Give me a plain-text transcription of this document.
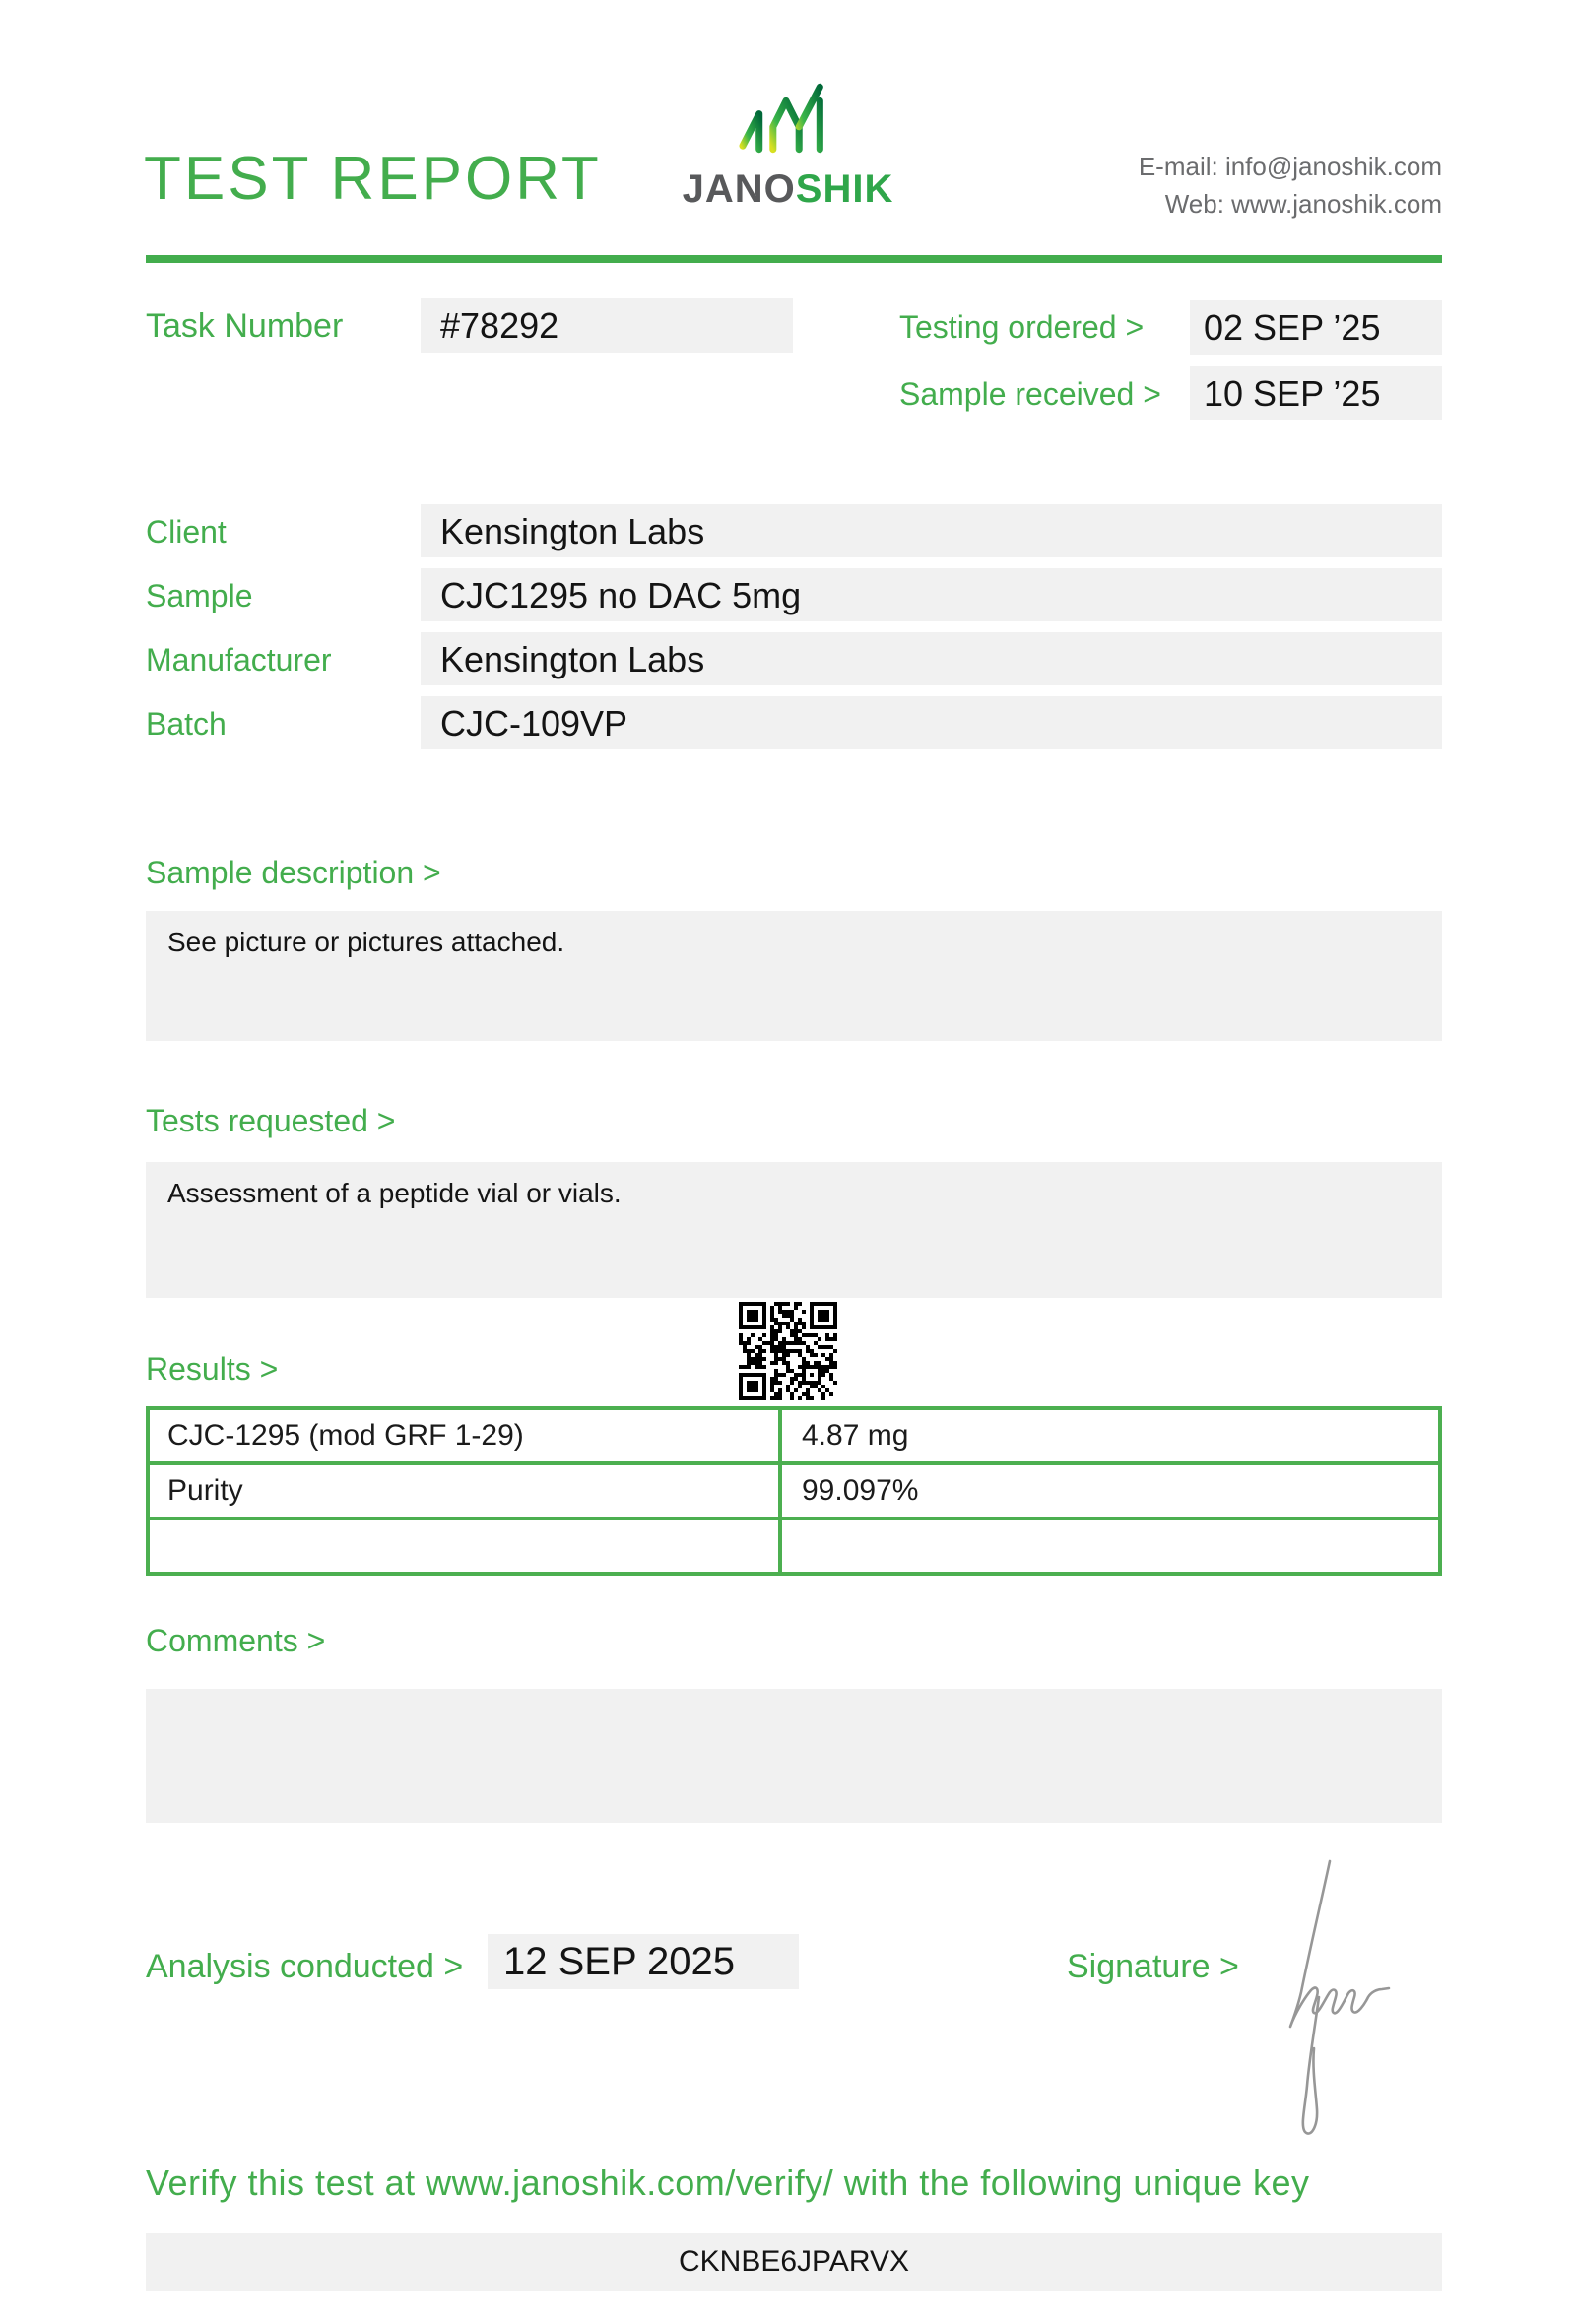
TEST REPORT JANOSHIK
E-mail: info@janoshik.com
Web: www.janoshik.com
Task Number	#78292	Testing ordered >	02 SEP ’25
Sample received >	10 SEP ’25
Client	Kensington Labs
Sample	CJC1295 no DAC 5mg
Manufacturer	Kensington Labs
Batch	CJC-109VP
Sample description >
See picture or pictures attached.
Tests requested >
Assessment of a peptide vial or vials.
Results >
CJC-1295 (mod GRF 1-29)	4.87 mg
Purity	99.097%
Comments >
Analysis conducted >	12 SEP 2025	Signature >
Verify this test at www.janoshik.com/verify/ with the following unique key
CKNBE6JPARVX
